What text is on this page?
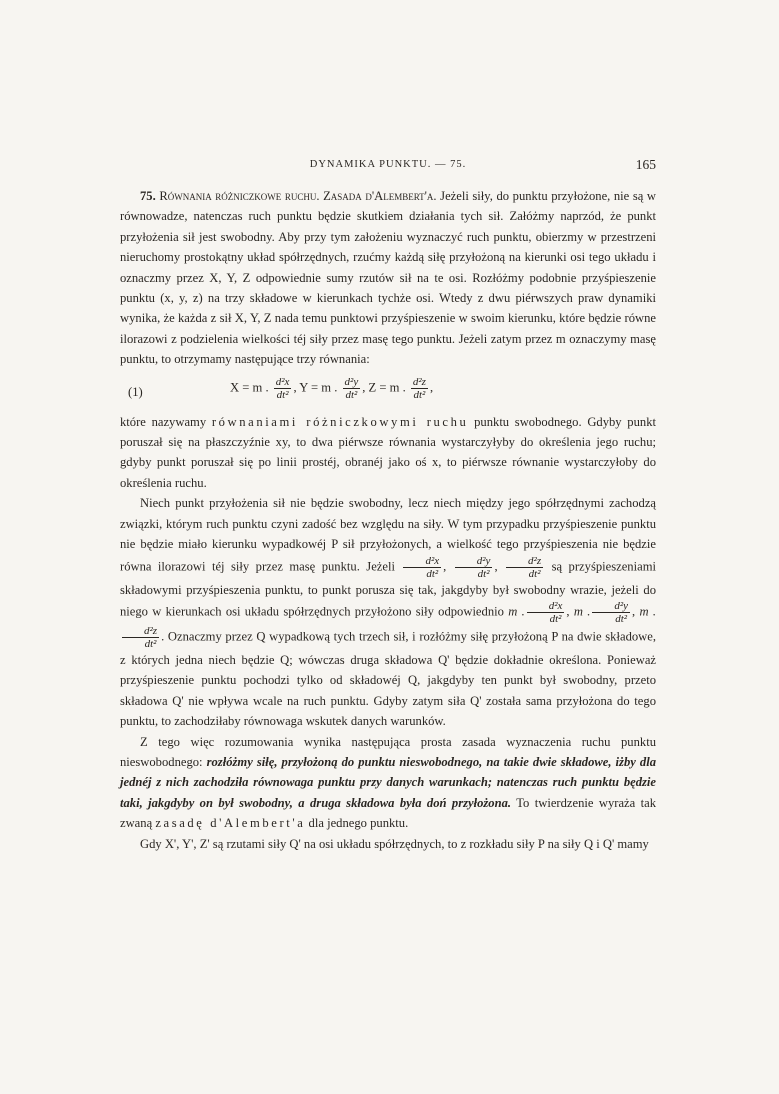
DYNAMIKA PUNKTU. — 75.	165

75. Równania różniczkowe ruchu. Zasada d'Alembert'a. Jeżeli siły, do punktu przyłożone, nie są w równowadze, natenczas ruch punktu będzie skutkiem działania tych sił. Załóżmy naprzód, że punkt przyłożenia sił jest swobodny. Aby przy tym założeniu wyznaczyć ruch punktu, obierzmy w przestrzeni nieruchomy prostokątny układ spółrzędnych, rzućmy każdą siłę przyłożoną na kierunki osi tego układu i oznaczmy przez X, Y, Z odpowiednie sumy rzutów sił na te osi. Rozłóżmy podobnie przyśpieszenie punktu (x, y, z) na trzy składowe w kierunkach tychże osi. Wtedy z dwu piérwszych praw dynamiki wynika, że każda z sił X, Y, Z nada temu punktowi przyśpieszenie w swoim kierunku, które będzie równe ilorazowi z podzielenia wielkości téj siły przez masę tego punktu. Jeżeli zatym przez m oznaczymy masę punktu, to otrzymamy następujące trzy równania:

(1)	X = m . $\frac{\text{d²x}}{\text{dt²}}$ , Y = m . $\frac{\text{d²y}}{\text{dt²}}$ , Z = m . $\frac{\text{d²z}}{\text{dt²}}$ ,

które nazywamy równaniami różniczkowymi ruchu punktu swobodnego. Gdyby punkt poruszał się na płaszczyźnie xy, to dwa piérwsze równania wystarczyłyby do określenia jego ruchu; gdyby punkt poruszał się po linii prostéj, obranéj jako oś x, to piérwsze równanie wystarczyłoby do określenia ruchu.

Niech punkt przyłożenia sił nie będzie swobodny, lecz niech między jego spółrzędnymi zachodzą związki, którym ruch punktu czyni zadość bez względu na siły. W tym przypadku przyśpieszenie punktu nie będzie miało kierunku wypadkowéj P sił przyłożonych, a wielkość tego przyśpieszenia nie będzie równa ilorazowi téj siły przez masę punktu. Jeżeli $\frac{\text{d²x}}{\text{dt²}}$ , $\frac{\text{d²y}}{\text{dt²}}$ , $\frac{\text{d²z}}{\text{dt²}}$ są przyśpieszeniami składowymi przyśpieszenia punktu, to punkt porusza się tak, jakgdyby był swobodny wrazie, jeżeli do niego w kierunkach osi układu spółrzędnych przyłożono siły odpowiednio m . $\frac{\text{d²x}}{\text{dt²}}$ , m . $\frac{\text{d²y}}{\text{dt²}}$ , m .
$\frac{\text{d²z}}{\text{dt²}}$ . Oznaczmy przez Q wypadkową tych trzech sił, i rozłóżmy siłę przyłożoną P na dwie składowe, z których jedna niech będzie Q; wówczas druga składowa Q' będzie dokładnie określona. Ponieważ przyśpieszenie punktu pochodzi tylko od składowéj Q, jakgdyby ten punkt był swobodny, przeto składowa Q' nie wpływa wcale na ruch punktu. Gdyby zatym siła Q' została sama przyłożona do tego punktu, to zachodziłaby równowaga wskutek danych warunków.

Z tego więc rozumowania wynika następująca prosta zasada wyznaczenia ruchu punktu nieswobodnego: rozłóżmy siłę, przyłożoną do punktu nieswobodnego, na takie dwie składowe, iżby dla jednéj z nich zachodziła równowaga punktu przy danych warunkach; natenczas ruch punktu będzie taki, jakgdyby on był swobodny, a druga składowa była doń przyłożona. To twierdzenie wyraża tak zwaną zasadę d'Alembert'a dla jednego punktu.

Gdy X', Y', Z' są rzutami siły Q' na osi układu spółrzędnych, to z rozkładu siły P na siły Q i Q' mamy
